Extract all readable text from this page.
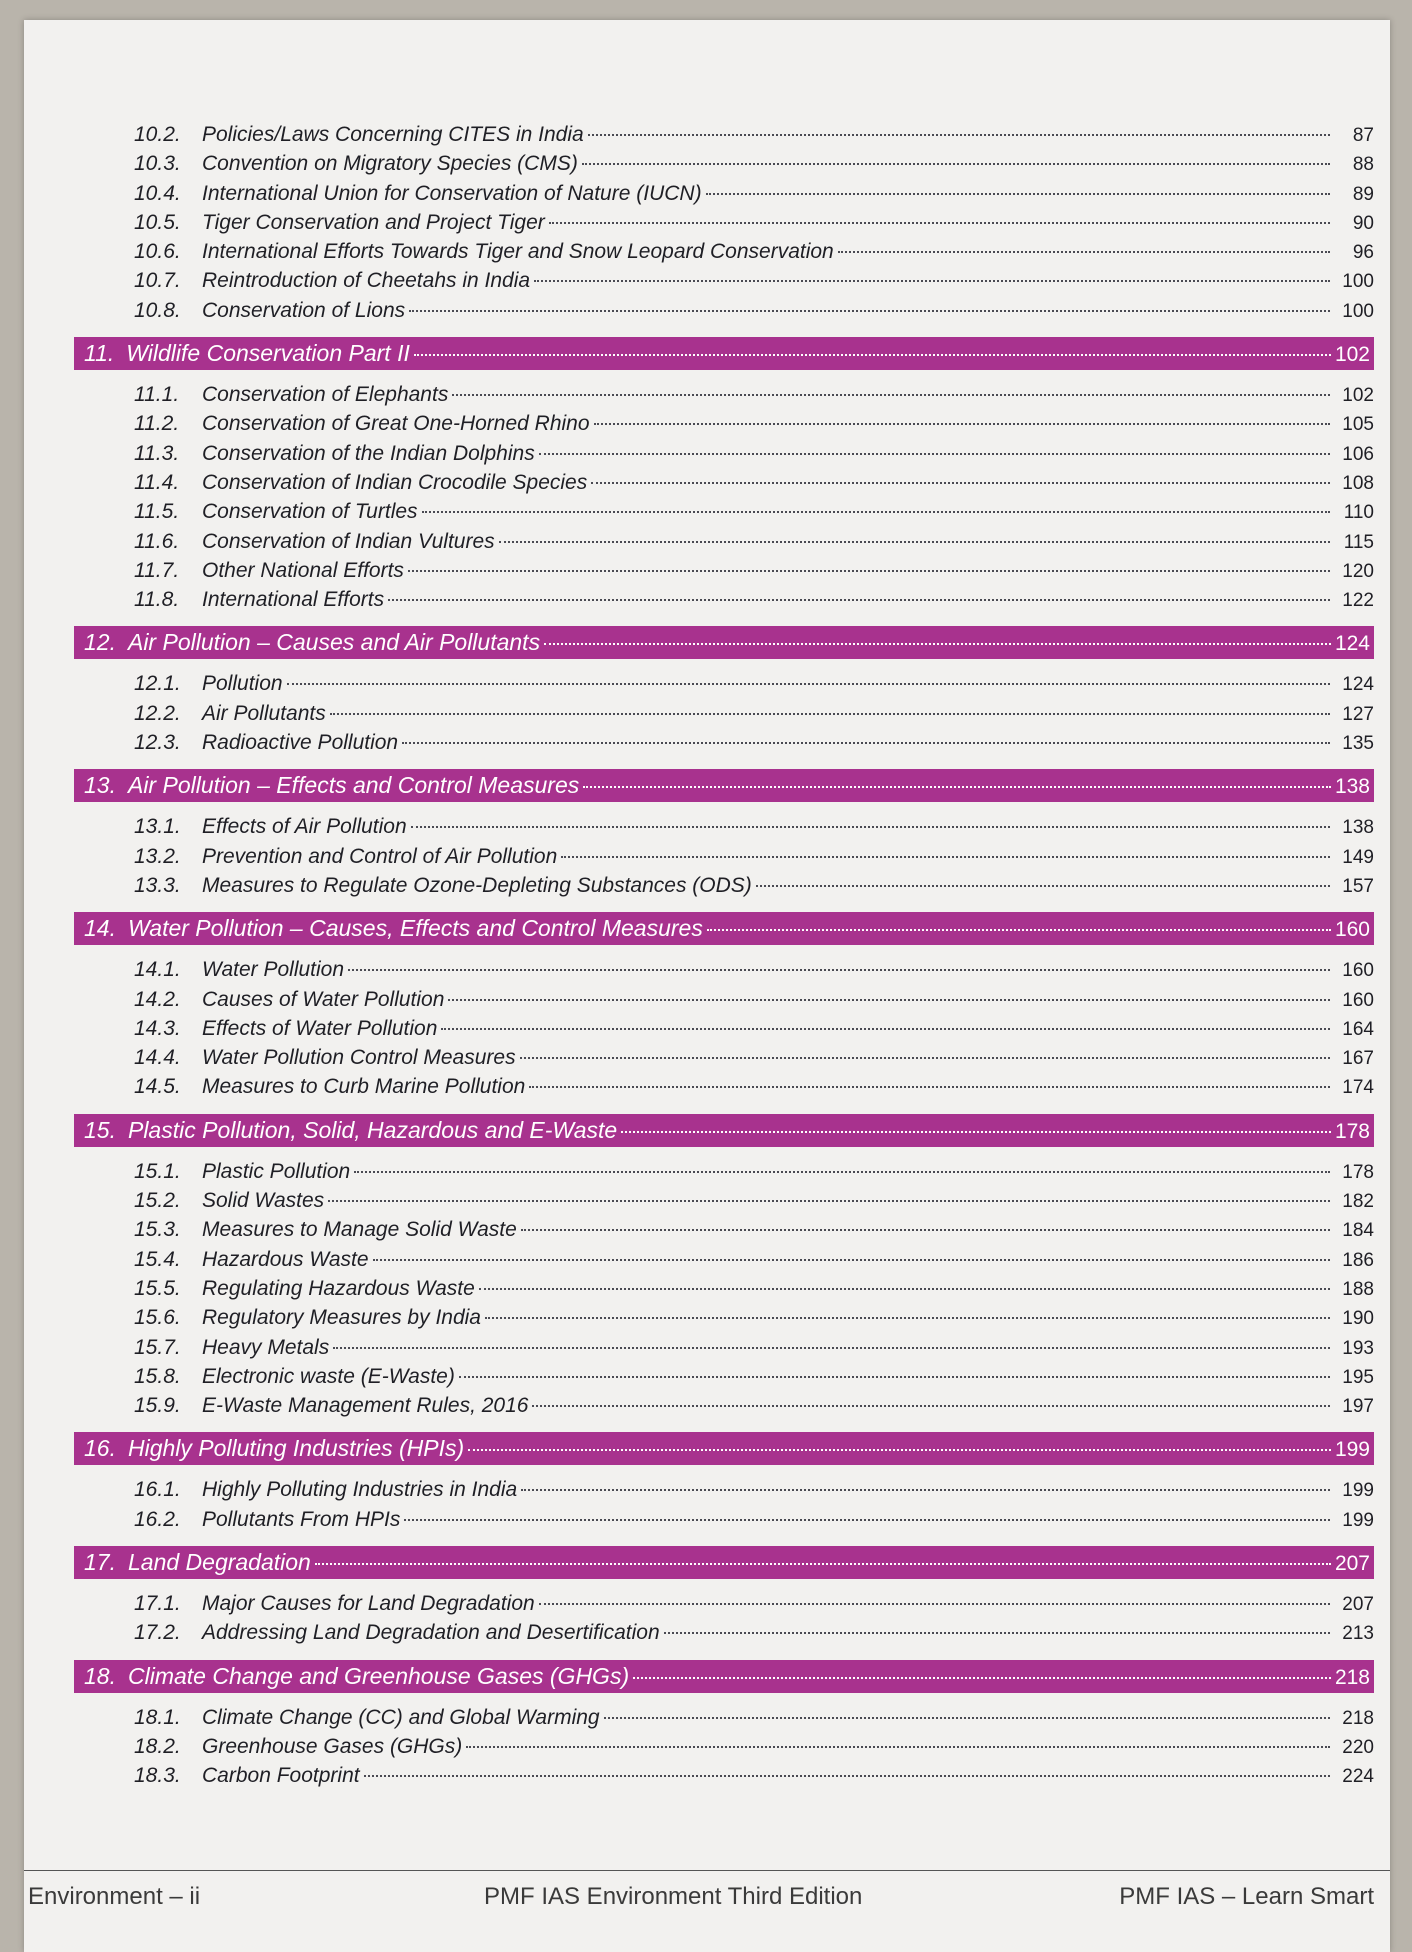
10.2.	Policies/Laws Concerning CITES in India	87
10.3.	Convention on Migratory Species (CMS)	88
10.4.	International Union for Conservation of Nature (IUCN)	89
10.5.	Tiger Conservation and Project Tiger	90
10.6.	International Efforts Towards Tiger and Snow Leopard Conservation	96
10.7.	Reintroduction of Cheetahs in India	100
10.8.	Conservation of Lions	100
11. Wildlife Conservation Part II	102
11.1.	Conservation of Elephants	102
11.2.	Conservation of Great One-Horned Rhino	105
11.3.	Conservation of the Indian Dolphins	106
11.4.	Conservation of Indian Crocodile Species	108
11.5.	Conservation of Turtles	110
11.6.	Conservation of Indian Vultures	115
11.7.	Other National Efforts	120
11.8.	International Efforts	122
12. Air Pollution – Causes and Air Pollutants	124
12.1.	Pollution	124
12.2.	Air Pollutants	127
12.3.	Radioactive Pollution	135
13. Air Pollution – Effects and Control Measures	138
13.1.	Effects of Air Pollution	138
13.2.	Prevention and Control of Air Pollution	149
13.3.	Measures to Regulate Ozone-Depleting Substances (ODS)	157
14. Water Pollution – Causes, Effects and Control Measures	160
14.1.	Water Pollution	160
14.2.	Causes of Water Pollution	160
14.3.	Effects of Water Pollution	164
14.4.	Water Pollution Control Measures	167
14.5.	Measures to Curb Marine Pollution	174
15. Plastic Pollution, Solid, Hazardous and E-Waste	178
15.1.	Plastic Pollution	178
15.2.	Solid Wastes	182
15.3.	Measures to Manage Solid Waste	184
15.4.	Hazardous Waste	186
15.5.	Regulating Hazardous Waste	188
15.6.	Regulatory Measures by India	190
15.7.	Heavy Metals	193
15.8.	Electronic waste (E-Waste)	195
15.9.	E-Waste Management Rules, 2016	197
16. Highly Polluting Industries (HPIs)	199
16.1.	Highly Polluting Industries in India	199
16.2.	Pollutants From HPIs	199
17. Land Degradation	207
17.1.	Major Causes for Land Degradation	207
17.2.	Addressing Land Degradation and Desertification	213
18. Climate Change and Greenhouse Gases (GHGs)	218
18.1.	Climate Change (CC) and Global Warming	218
18.2.	Greenhouse Gases (GHGs)	220
18.3.	Carbon Footprint	224
Environment – ii	PMF IAS Environment Third Edition	PMF IAS – Learn Smart
